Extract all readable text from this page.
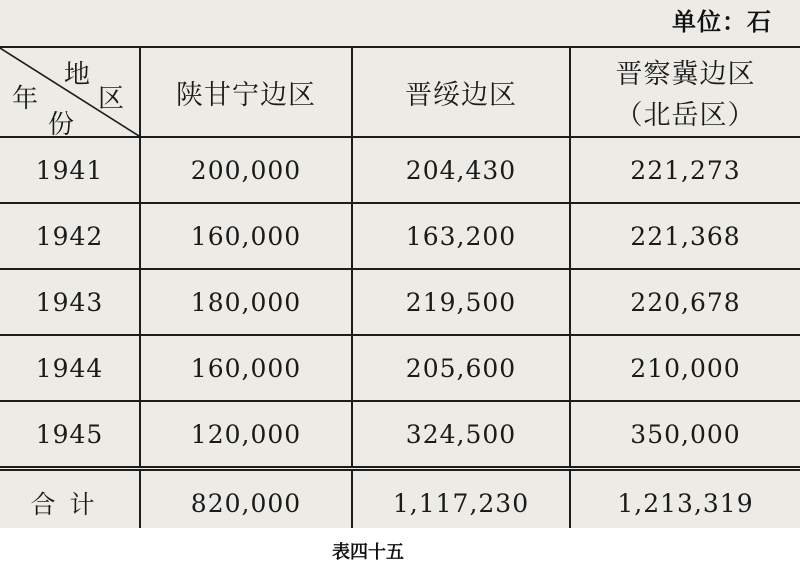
单位：石
地
区
年
份	陕甘宁边区	晋绥边区	晋察冀边区
（北岳区）

1941	200,000	204,430	221,273
1942	160,000	163,200	221,368
1943	180,000	219,500	220,678
1944	160,000	205,600	210,000
1945	120,000	324,500	350,000
合计	820,000	1,117,230	1,213,319
表四十五
